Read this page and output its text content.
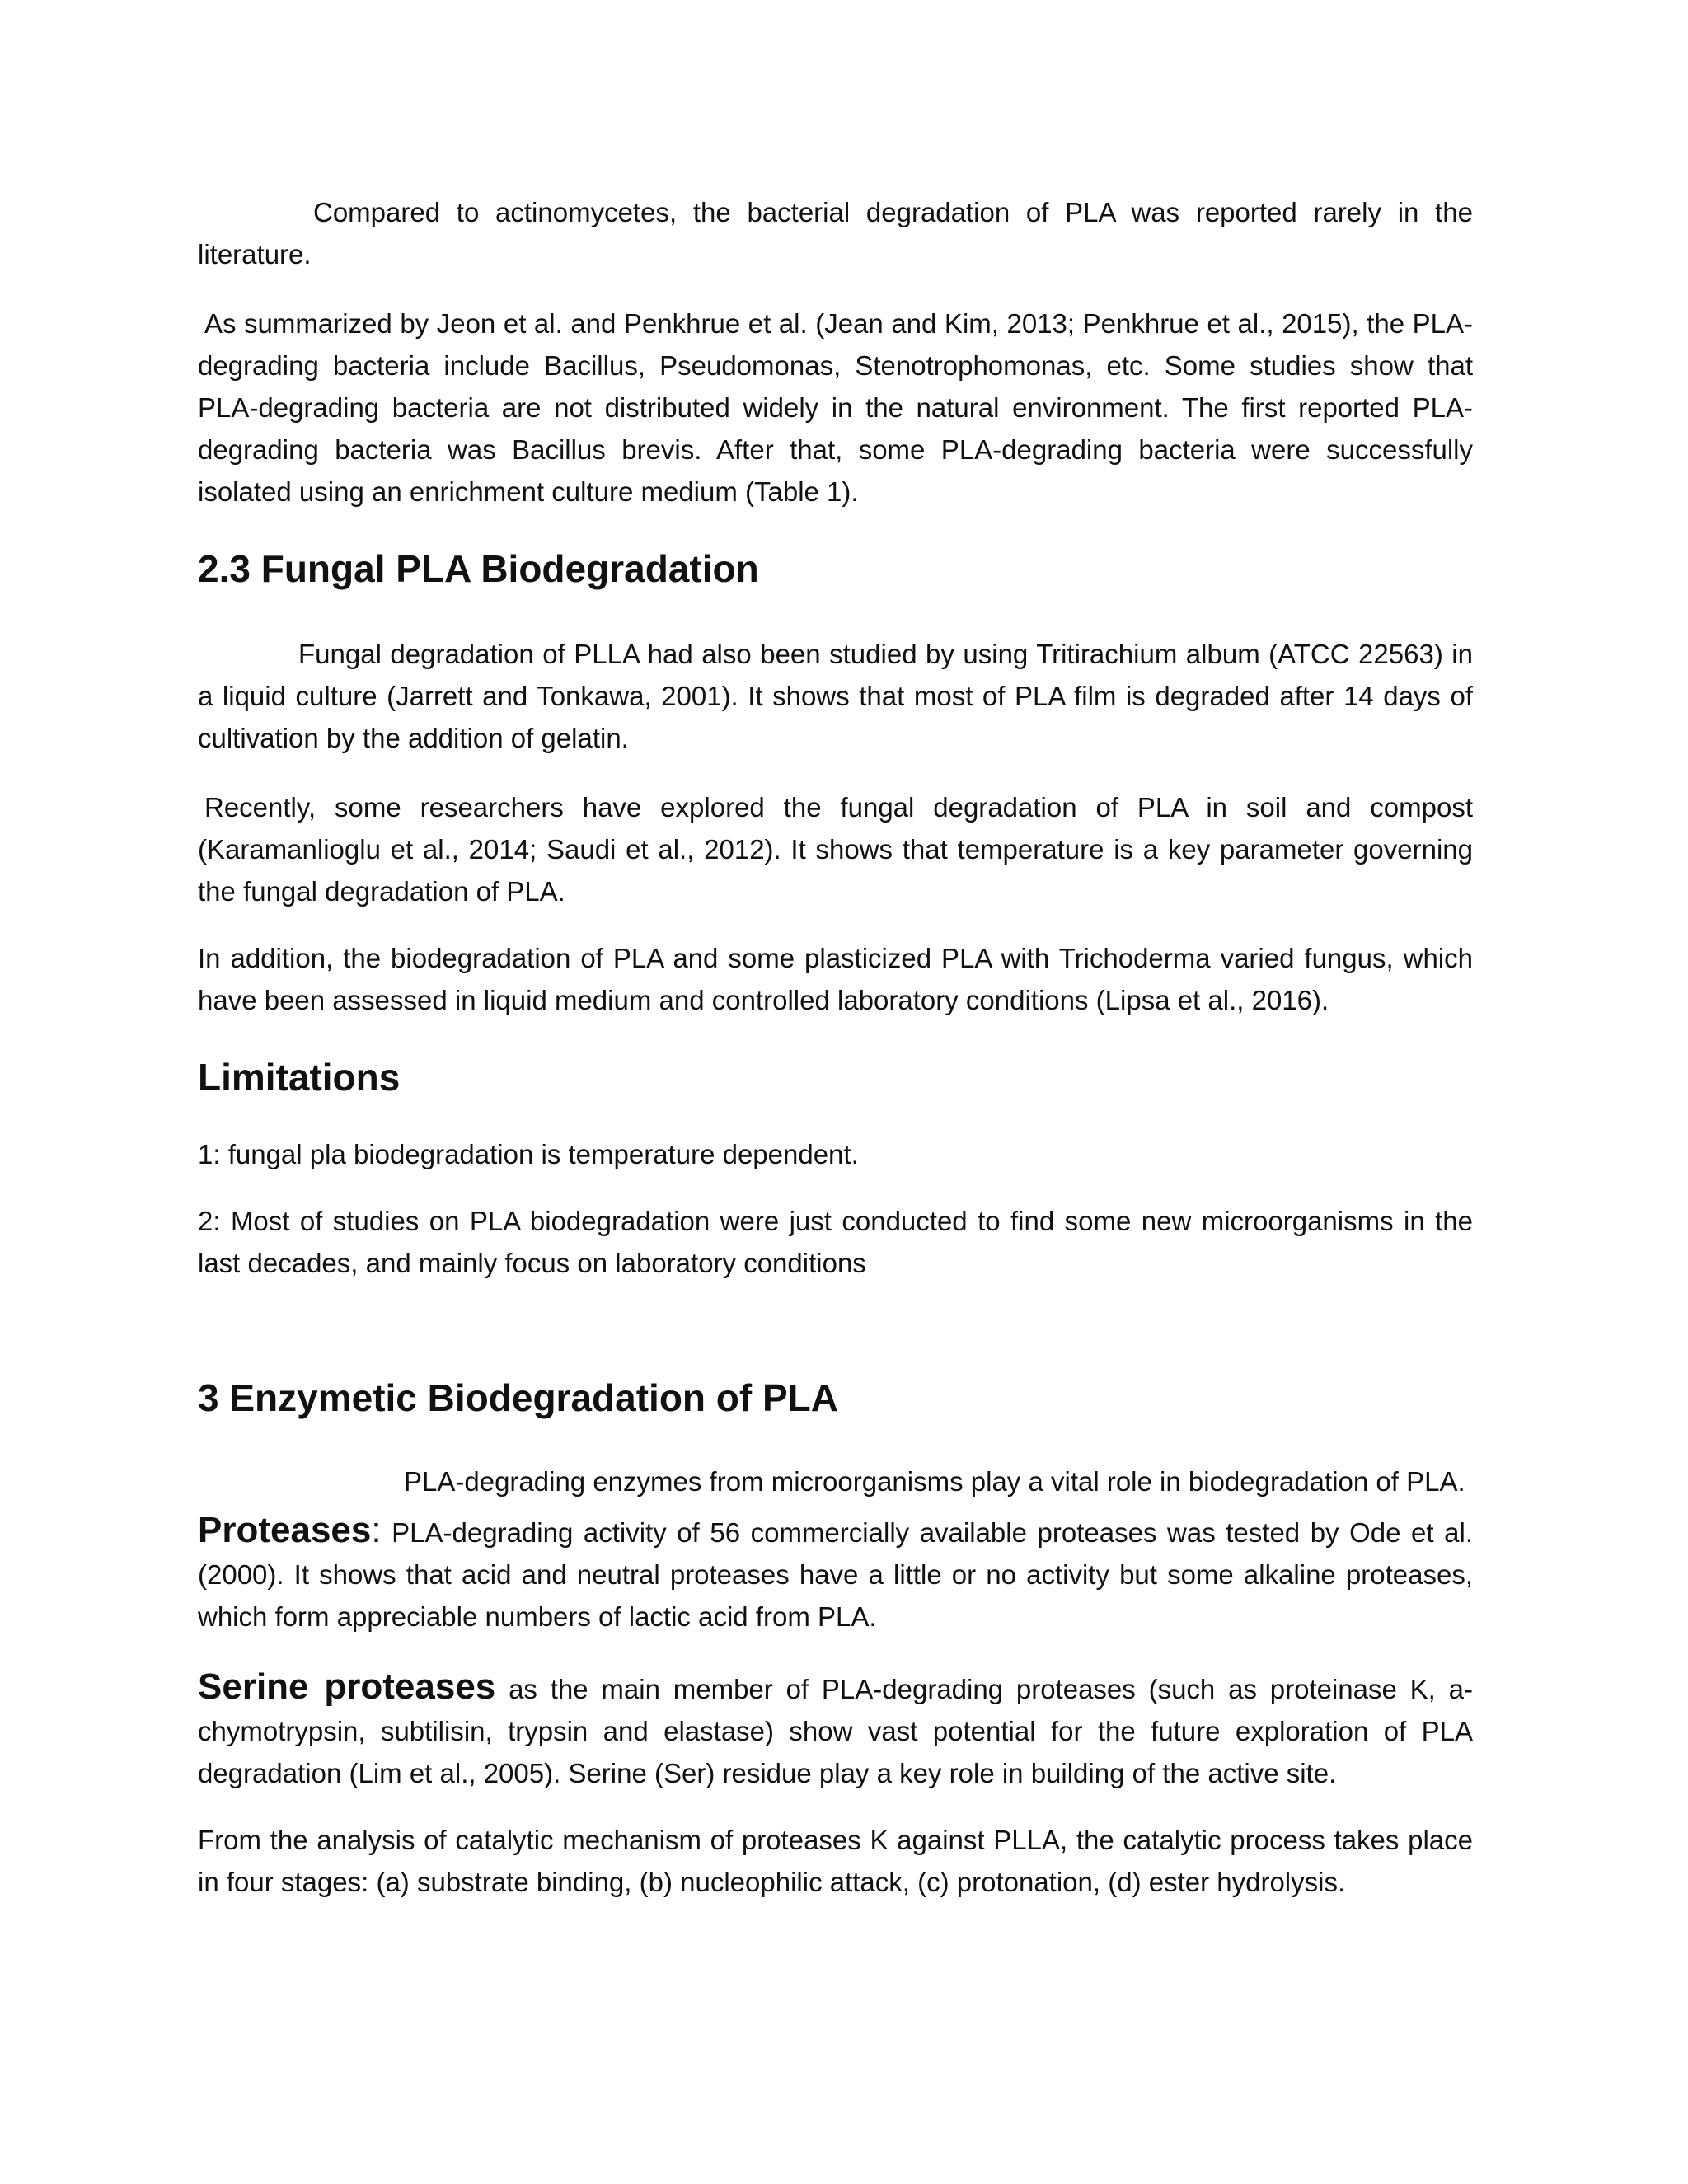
Compared to actinomycetes, the bacterial degradation of PLA was reported rarely in the literature.

As summarized by Jeon et al. and Penkhrue et al. (Jean and Kim, 2013; Penkhrue et al., 2015), the PLA-degrading bacteria include Bacillus, Pseudomonas, Stenotrophomonas, etc. Some studies show that PLA-degrading bacteria are not distributed widely in the natural environment. The first reported PLA-degrading bacteria was Bacillus brevis. After that, some PLA-degrading bacteria were successfully isolated using an enrichment culture medium (Table 1).

2.3 Fungal PLA Biodegradation

Fungal degradation of PLLA had also been studied by using Tritirachium album (ATCC 22563) in a liquid culture (Jarrett and Tonkawa, 2001). It shows that most of PLA film is degraded after 14 days of cultivation by the addition of gelatin.

Recently, some researchers have explored the fungal degradation of PLA in soil and compost (Karamanlioglu et al., 2014; Saudi et al., 2012). It shows that temperature is a key parameter governing the fungal degradation of PLA.

In addition, the biodegradation of PLA and some plasticized PLA with Trichoderma varied fungus, which have been assessed in liquid medium and controlled laboratory conditions (Lipsa et al., 2016).

Limitations

1: fungal pla biodegradation is temperature dependent.

2: Most of studies on PLA biodegradation were just conducted to find some new microorganisms in the last decades, and mainly focus on laboratory conditions

3 Enzymetic Biodegradation of PLA

PLA-degrading enzymes from microorganisms play a vital role in biodegradation of PLA.

Proteases: PLA-degrading activity of 56 commercially available proteases was tested by Ode et al. (2000). It shows that acid and neutral proteases have a little or no activity but some alkaline proteases, which form appreciable numbers of lactic acid from PLA.

Serine proteases as the main member of PLA-degrading proteases (such as proteinase K, a-chymotrypsin, subtilisin, trypsin and elastase) show vast potential for the future exploration of PLA degradation (Lim et al., 2005). Serine (Ser) residue play a key role in building of the active site.

From the analysis of catalytic mechanism of proteases K against PLLA, the catalytic process takes place in four stages: (a) substrate binding, (b) nucleophilic attack, (c) protonation, (d) ester hydrolysis.
